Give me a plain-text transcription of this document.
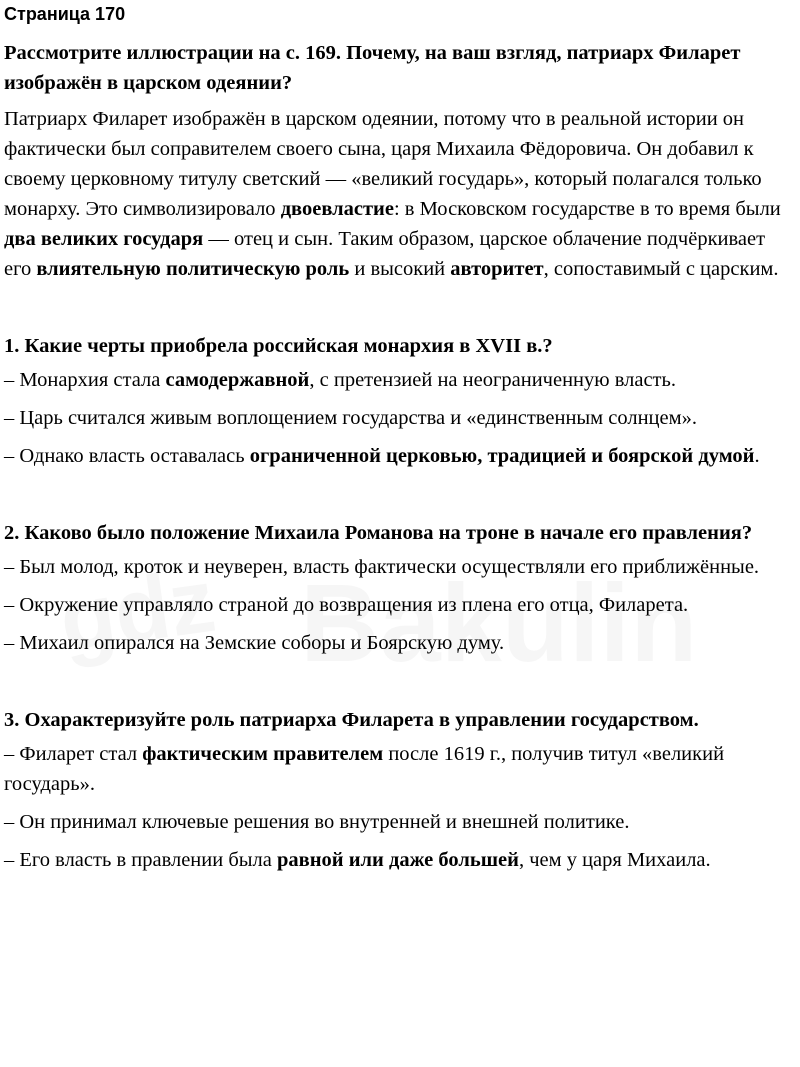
Страница 170

Рассмотрите иллюстрации на с. 169. Почему, на ваш взгляд, патриарх Филарет изображён в царском одеянии?

Патриарх Филарет изображён в царском одеянии, потому что в реальной истории он фактически был соправителем своего сына, царя Михаила Фёдоровича. Он добавил к своему церковному титулу светский — «великий государь», который полагался только монарху. Это символизировало двоевластие: в Московском государстве в то время были два великих государя — отец и сын. Таким образом, царское облачение подчёркивает его влиятельную политическую роль и высокий авторитет, сопоставимый с царским.

1. Какие черты приобрела российская монархия в XVII в.?

– Монархия стала самодержавной, с претензией на неограниченную власть.

– Царь считался живым воплощением государства и «единственным солнцем».

– Однако власть оставалась ограниченной церковью, традицией и боярской думой.

2. Каково было положение Михаила Романова на троне в начале его правления?

– Был молод, кроток и неуверен, власть фактически осуществляли его приближённые.

– Окружение управляло страной до возвращения из плена его отца, Филарета.

– Михаил опирался на Земские соборы и Боярскую думу.

3. Охарактеризуйте роль патриарха Филарета в управлении государством.

– Филарет стал фактическим правителем после 1619 г., получив титул «великий государь».

– Он принимал ключевые решения во внутренней и внешней политике.

– Его власть в правлении была равной или даже большей, чем у царя Михаила.
